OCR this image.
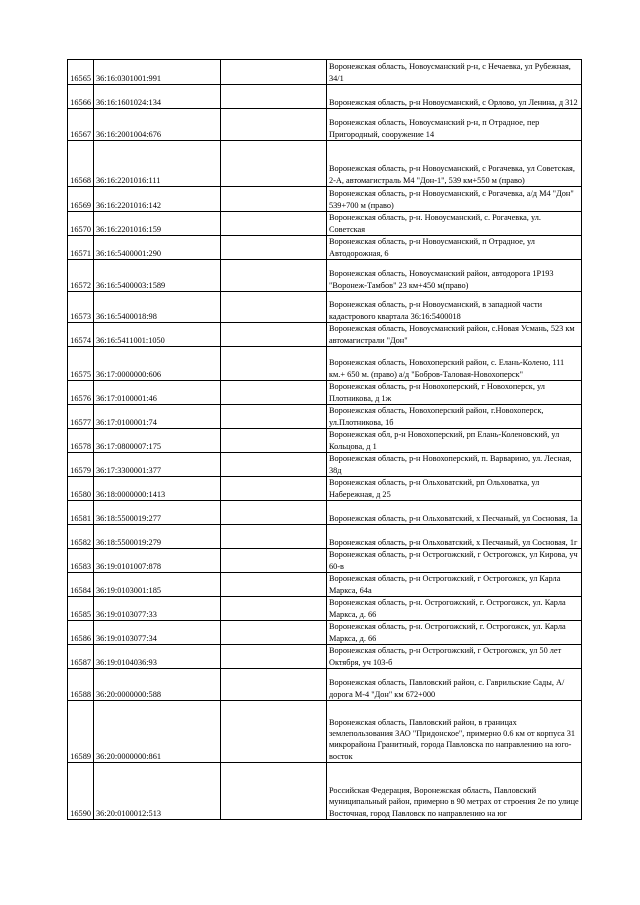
16565	36:16:0301001:991		Воронежская область, Новоусманский р-н, с Нечаевка, ул Рубежная, 34/1
16566	36:16:1601024:134		Воронежская область, р-н Новоусманский, с Орлово, ул Ленина, д 312
16567	36:16:2001004:676		Воронежская область, Новоусманский р-н, п Отрадное, пер Пригородный, сооружение 14
16568	36:16:2201016:111		Воронежская область, р-н Новоусманский, с Рогачевка, ул Советская, 2-А, автомагистраль М4 "Дон-1", 539 км+550 м (право)
16569	36:16:2201016:142		Воронежская область, р-н Новоусманский, с Рогачевка, а/д М4 "Дон" 539+700 м (право)
16570	36:16:2201016:159		Воронежская область, р-н. Новоусманский, с. Рогачевка, ул. Советская
16571	36:16:5400001:290		Воронежская область, р-н Новоусманский, п Отрадное, ул Автодорожная, 6
16572	36:16:5400003:1589		Воронежская область, Новоусманский район, автодорога 1Р193 "Воронеж-Тамбов" 23 км+450 м(право)
16573	36:16:5400018:98		Воронежская область, р-н Новоусманский, в западной части кадастрового квартала 36:16:5400018
16574	36:16:5411001:1050		Воронежская область, Новоусманский район, с.Новая Усмань, 523 км автомагистрали "Дон"
16575	36:17:0000000:606		Воронежская область, Новохоперский район, с. Елань-Колено, 111 км.+ 650 м. (право) а/д "Бобров-Таловая-Новохоперск"
16576	36:17:0100001:46		Воронежская область, р-н Новохоперский, г Новохоперск, ул Плотникова, д 1ж
16577	36:17:0100001:74		Воронежская область, Новохоперский район, г.Новохоперск, ул.Плотникова, 1б
16578	36:17:0800007:175		Воронежская обл, р-н Новохоперский, рп Елань-Коленовский, ул Кольцова, д 1
16579	36:17:3300001:377		Воронежская область, р-н Новохоперский, п. Варварино, ул. Лесная, 38д
16580	36:18:0000000:1413		Воронежская область, р-н Ольховатский, рп Ольховатка, ул Набережная, д 25
16581	36:18:5500019:277		Воронежская область, р-н Ольховатский, х Песчаный, ул Сосновая, 1а
16582	36:18:5500019:279		Воронежская область, р-н Ольховатский, х Песчаный, ул Сосновая, 1г
16583	36:19:0101007:878		Воронежская область, р-н Острогожский, г Острогожск, ул Кирова, уч 60-в
16584	36:19:0103001:185		Воронежская область, р-н Острогожский, г Острогожск, ул Карла Маркса, 64а
16585	36:19:0103077:33		Воронежская область, р-н. Острогожский, г. Острогожск, ул. Карла Маркса, д. 66
16586	36:19:0103077:34		Воронежская область, р-н. Острогожский, г. Острогожск, ул. Карла Маркса, д. 66
16587	36:19:0104036:93		Воронежская область, р-н Острогожский, г Острогожск, ул 50 лет Октября, уч 103-б
16588	36:20:0000000:588		Воронежская область, Павловский район, с. Гаврильские Сады, А/дорога М-4 "Дон" км 672+000
16589	36:20:0000000:861		Воронежская область, Павловский район, в границах землепользования ЗАО "Придонское", примерно 0.6 км от корпуса 31 микрорайона Гранитный, города Павловска по направлению на юго-восток
16590	36:20:0100012:513		Российская Федерация, Воронежская область, Павловский муниципальный район, примерно в 90 метрах от строения 2е по улице Восточная, город Павловск по направлению на юг
